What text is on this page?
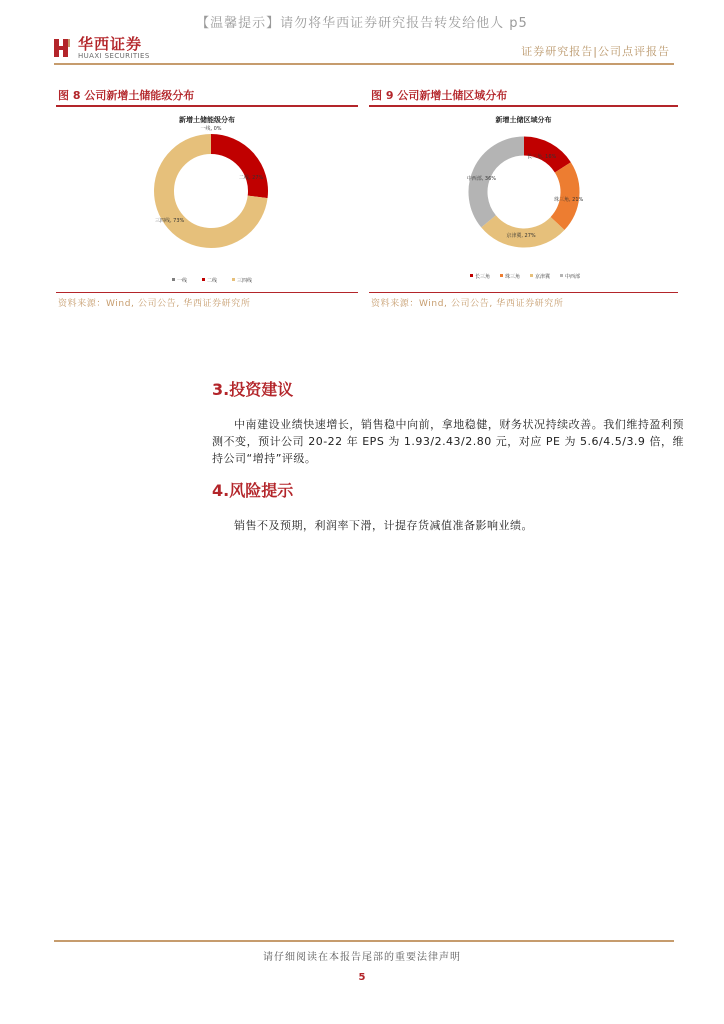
【温馨提示】请勿将华西证券研究报告转发给他人 p5
华西证券
HUAXI SECURITIES	证券研究报告|公司点评报告
图 8 公司新增土储能级分布
新增土储能级分布
一线, 0%
二线, 27%
三四线, 73%
一线	二线	三四线
资料来源：Wind, 公司公告, 华西证券研究所
图 9 公司新增土储区域分布
新增土储区域分布
长三角, 16%
珠三角, 21%
京津冀, 27%
中西部, 36%
长三角	珠三角	京津冀	中西部
资料来源：Wind, 公司公告, 华西证券研究所
3.投资建议
中南建设业绩快速增长，销售稳中向前，拿地稳健，财务状况持续改善。我们维持盈利预测不变，预计公司 20-22 年 EPS 为 1.93/2.43/2.80 元，对应 PE 为 5.6/4.5/3.9 倍，维持公司“增持”评级。
4.风险提示
销售不及预期，利润率下滑，计提存货减值准备影响业绩。
请仔细阅读在本报告尾部的重要法律声明
5
